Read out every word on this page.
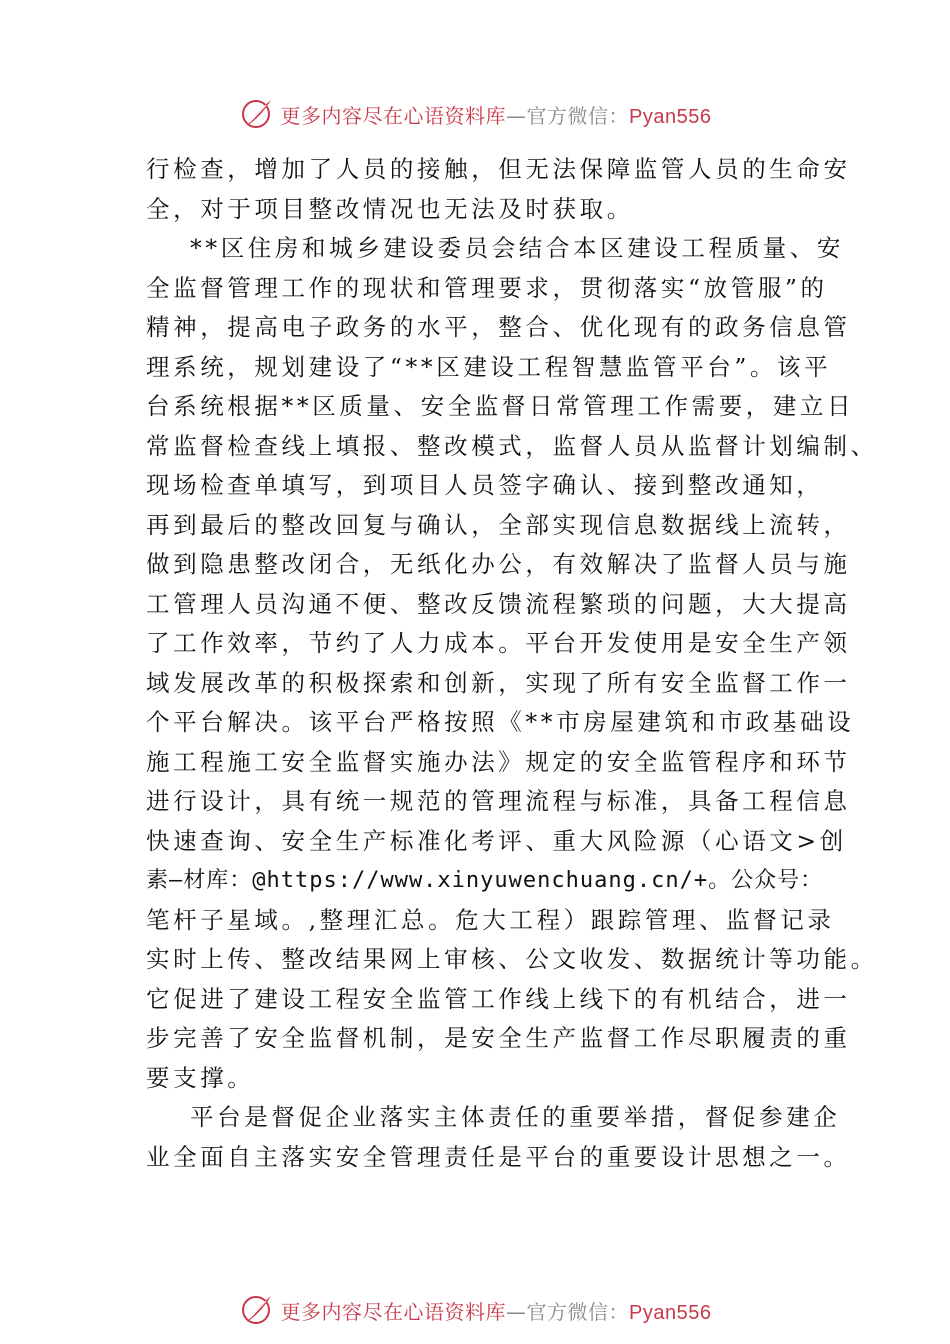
更多内容尽在心语资料库—官方微信：Pyan556
行检查，增加了人员的接触，但无法保障监管人员的生命安
全，对于项目整改情况也无法及时获取。
**区住房和城乡建设委员会结合本区建设工程质量、安
全监督管理工作的现状和管理要求，贯彻落实“放管服”的
精神，提高电子政务的水平，整合、优化现有的政务信息管
理系统，规划建设了“**区建设工程智慧监管平台”。该平
台系统根据**区质量、安全监督日常管理工作需要，建立日
常监督检查线上填报、整改模式，监督人员从监督计划编制、
现场检查单填写，到项目人员签字确认、接到整改通知，
再到最后的整改回复与确认，全部实现信息数据线上流转，
做到隐患整改闭合，无纸化办公，有效解决了监督人员与施
工管理人员沟通不便、整改反馈流程繁琐的问题，大大提高
了工作效率，节约了人力成本。平台开发使用是安全生产领
域发展改革的积极探索和创新，实现了所有安全监督工作一
个平台解决。该平台严格按照《**市房屋建筑和市政基础设
施工程施工安全监督实施办法》规定的安全监管程序和环节
进行设计，具有统一规范的管理流程与标准，具备工程信息
快速查询、安全生产标准化考评、重大风险源（心语文>创
素—材库：@https://www.xinyuwenchuang.cn/+。公众号：
笔杆子星域。,整理汇总。危大工程）跟踪管理、监督记录
实时上传、整改结果网上审核、公文收发、数据统计等功能。
它促进了建设工程安全监管工作线上线下的有机结合，进一
步完善了安全监督机制，是安全生产监督工作尽职履责的重
要支撑。
平台是督促企业落实主体责任的重要举措，督促参建企
业全面自主落实安全管理责任是平台的重要设计思想之一。
更多内容尽在心语资料库—官方微信：Pyan556
